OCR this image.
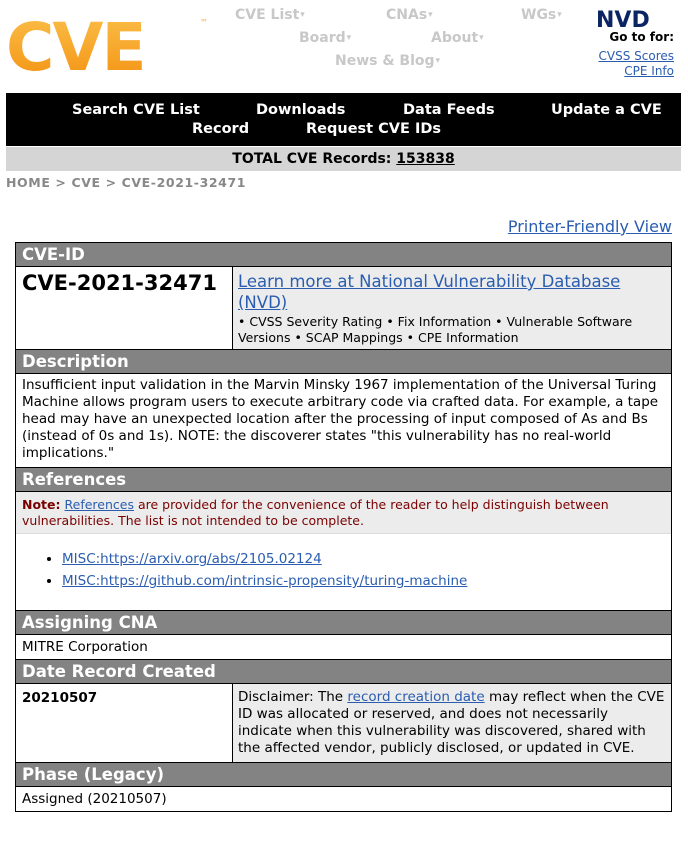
CVE	™ CVE List▾	CNAs▾	WGs▾
Board▾	About▾
News & Blog▾
NVD
Go to for:
CVSS Scores
CPE Info
Search CVE List	Downloads	Data Feeds	Update a CVE
Record	Request CVE IDs
TOTAL CVE Records: 153838
HOME > CVE > CVE-2021-32471
Printer-Friendly View
CVE-ID
CVE-2021-32471	Learn more at National Vulnerability Database (NVD)
• CVSS Severity Rating • Fix Information • Vulnerable Software Versions • SCAP Mappings • CPE Information
Description
Insufficient input validation in the Marvin Minsky 1967 implementation of the Universal Turing Machine allows program users to execute arbitrary code via crafted data. For example, a tape head may have an unexpected location after the processing of input composed of As and Bs (instead of 0s and 1s). NOTE: the discoverer states "this vulnerability has no real-world implications."
References
Note: References are provided for the convenience of the reader to help distinguish between vulnerabilities. The list is not intended to be complete.
• MISC:https://arxiv.org/abs/2105.02124
• MISC:https://github.com/intrinsic-propensity/turing-machine
Assigning CNA
MITRE Corporation
Date Record Created
20210507	Disclaimer: The record creation date may reflect when the CVE ID was allocated or reserved, and does not necessarily indicate when this vulnerability was discovered, shared with the affected vendor, publicly disclosed, or updated in CVE.
Phase (Legacy)
Assigned (20210507)
